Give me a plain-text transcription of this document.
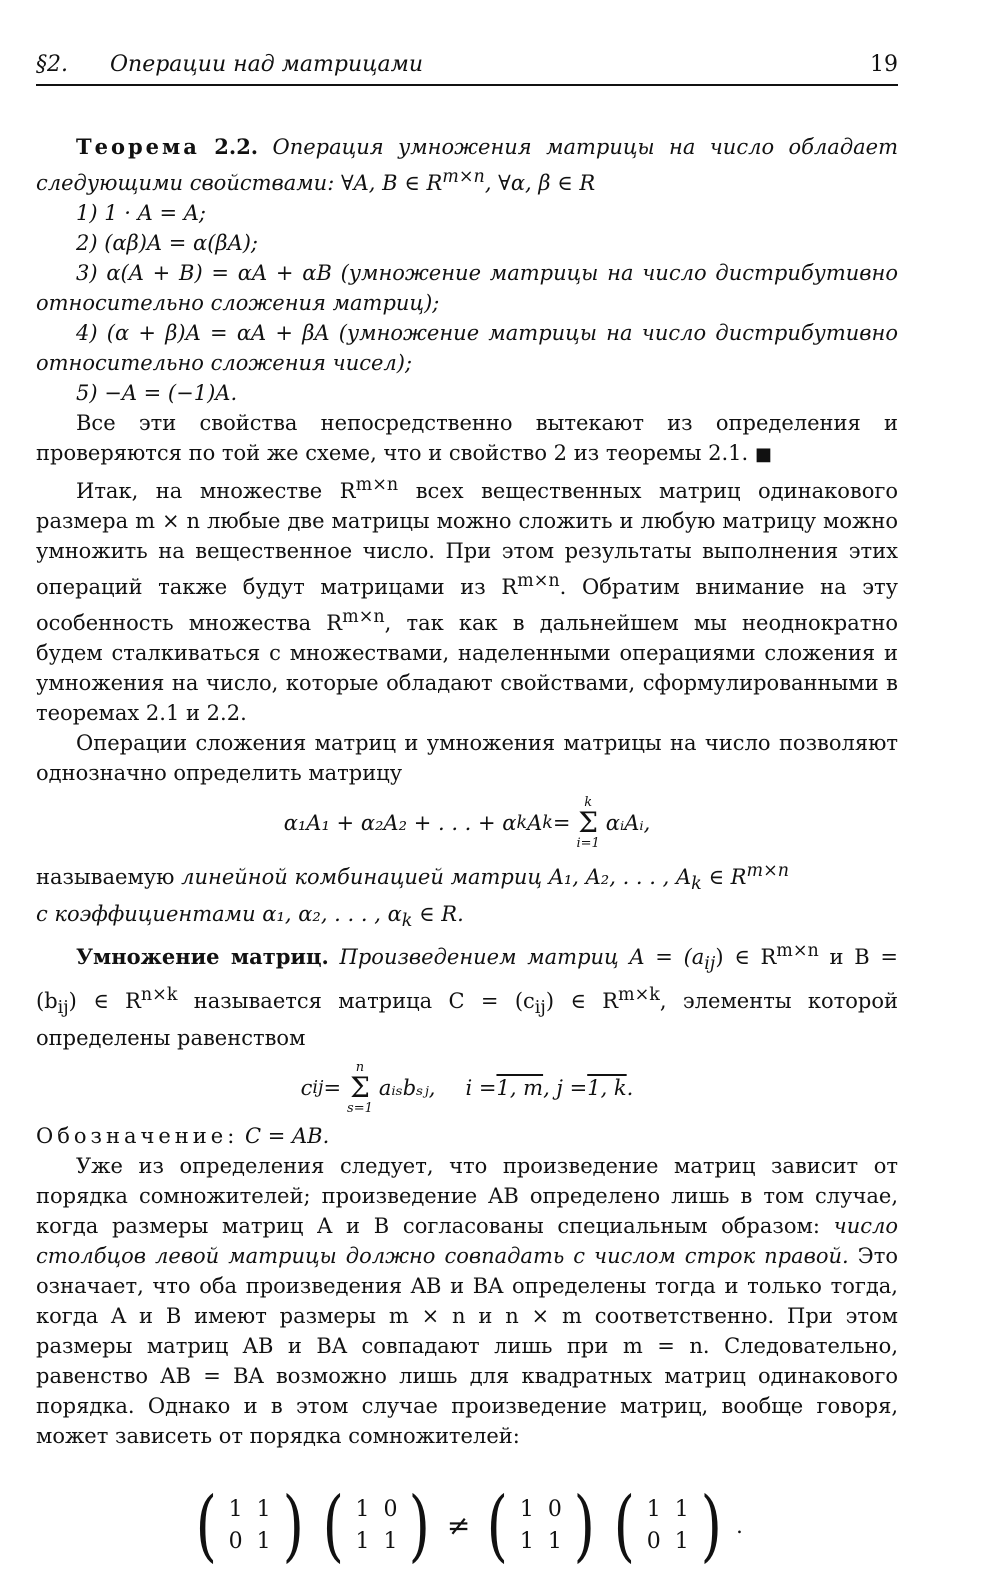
§2. Операции над матрицами	19

Теорема 2.2. Операция умножения матрицы на число обладает следующими свойствами: ∀A, B ∈ $R^{m\times n}$, ∀α, β ∈ R

1) 1 · A = A;

2) (αβ)A = α(βA);

3) α(A + B) = αA + αB (умножение матрицы на число дистрибутивно относительно сложения матриц);

4) (α + β)A = αA + βA (умножение матрицы на число дистрибутивно относительно сложения чисел);

5) −A = (−1)A.

Все эти свойства непосредственно вытекают из определения и проверяются по той же схеме, что и свойство 2 из теоремы 2.1. ■

Итак, на множестве $R^{m\times n}$ всех вещественных матриц одинакового размера m × n любые две матрицы можно сложить и любую матрицу можно умножить на вещественное число. При этом результаты выполнения этих операций также будут матрицами из $R^{m\times n}$. Обратим внимание на эту особенность множества $R^{m\times n}$, так как в дальнейшем мы неоднократно будем сталкиваться с множествами, наделенными операциями сложения и умножения на число, которые обладают свойствами, сформулированными в теоремах 2.1 и 2.2.

Операции сложения матриц и умножения матрицы на число позволяют однозначно определить матрицу

α₁A₁ + α₂A₂ + . . . + α k A k =
k
Σ
i=1
αᵢAᵢ,

называемую линейной комбинацией матриц A₁, A₂, . . . , $A_k$ ∈ $R^{m\times n}$
с коэффициентами α₁, α₂, . . . , $\alpha_k$ ∈ R.

Умножение матриц. Произведением матриц $A = (a_{ij})$ ∈ $R^{m\times n}$ и $B = (b_{ij})$ ∈ $R^{n\times k}$ называется матрица $C = (c_{ij})$ ∈ $R^{m\times k}$, элементы которой определены равенством

c ij =
n
Σ
s=1
aᵢₛbₛⱼ, i = 1, m , j = 1, k .

Обозначение: C = AB.

Уже из определения следует, что произведение матриц зависит от порядка сомножителей; произведение AB определено лишь в том случае, когда размеры матриц A и B согласованы специальным образом: число столбцов левой матрицы должно совпадать с числом строк правой. Это означает, что оба произведения AB и BA определены тогда и только тогда, когда A и B имеют размеры m × n и n × m соответственно. При этом размеры матриц AB и BA совпадают лишь при m = n. Следовательно, равенство AB = BA возможно лишь для квадратных матриц одинакового порядка. Однако и в этом случае произведение матриц, вообще говоря, может зависеть от порядка сомножителей:

( 1 1
0 1 ) ( 1 0
1 1 ) ≠ ( 1 0
1 1 ) ( 1 1
0 1 ) .
